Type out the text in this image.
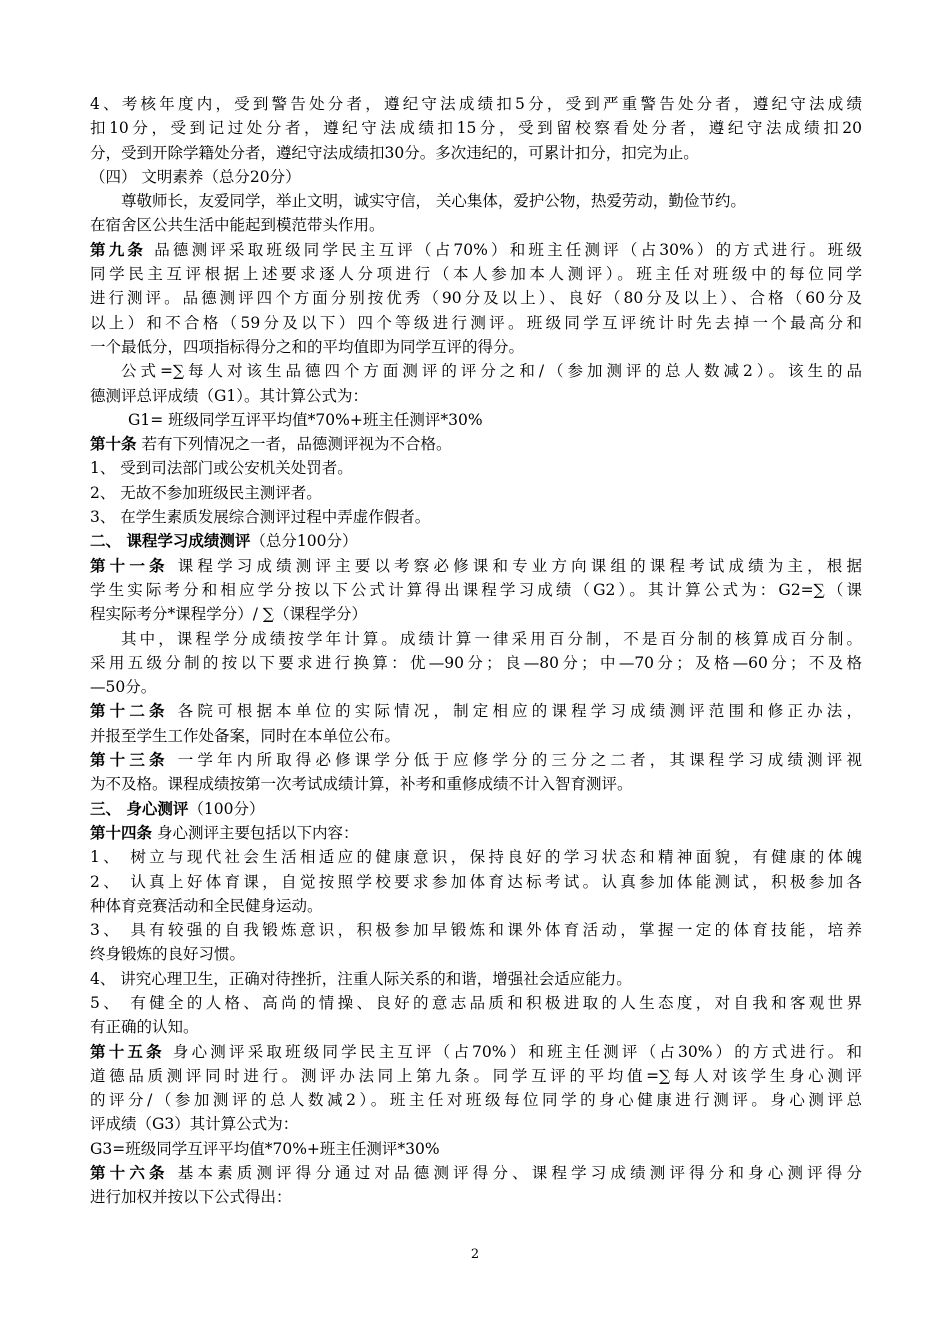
4、考核年度内，受到警告处分者，遵纪守法成绩扣5分，受到严重警告处分者，遵纪守法成绩
扣10分，受到记过处分者，遵纪守法成绩扣15分，受到留校察看处分者，遵纪守法成绩扣20
分，受到开除学籍处分者，遵纪守法成绩扣30分。多次违纪的，可累计扣分，扣完为止。
（四） 文明素养（总分20分）
尊敬师长，友爱同学，举止文明，诚实守信， 关心集体，爱护公物，热爱劳动，勤俭节约。
在宿舍区公共生活中能起到模范带头作用。
第九条 品德测评采取班级同学民主互评（占70%）和班主任测评（占30%）的方式进行。班级
同学民主互评根据上述要求逐人分项进行（本人参加本人测评）。班主任对班级中的每位同学
进行测评。品德测评四个方面分别按优秀（90分及以上）、良好（80分及以上）、合格（60分及
以上）和不合格（59分及以下）四个等级进行测评。班级同学互评统计时先去掉一个最高分和
一个最低分，四项指标得分之和的平均值即为同学互评的得分。
公式=∑每人对该生品德四个方面测评的评分之和/（参加测评的总人数减2）。该生的品
德测评总评成绩（G1）。其计算公式为：
G1= 班级同学互评平均值*70%+班主任测评*30%
第十条 若有下列情况之一者，品德测评视为不合格。
1、 受到司法部门或公安机关处罚者。
2、 无故不参加班级民主测评者。
3、 在学生素质发展综合测评过程中弄虚作假者。
二、 课程学习成绩测评（总分100分）
第十一条 课程学习成绩测评主要以考察必修课和专业方向课组的课程考试成绩为主，根据
学生实际考分和相应学分按以下公式计算得出课程学习成绩（G2）。其计算公式为：G2=∑（课
程实际考分*课程学分）/ ∑（课程学分）
其中，课程学分成绩按学年计算。成绩计算一律采用百分制，不是百分制的核算成百分制。
采用五级分制的按以下要求进行换算：优—90分；良—80分；中—70分；及格—60分；不及格
—50分。
第十二条 各院可根据本单位的实际情况，制定相应的课程学习成绩测评范围和修正办法，
并报至学生工作处备案，同时在本单位公布。
第十三条 一学年内所取得必修课学分低于应修学分的三分之二者，其课程学习成绩测评视
为不及格。课程成绩按第一次考试成绩计算，补考和重修成绩不计入智育测评。
三、 身心测评（100分）
第十四条 身心测评主要包括以下内容：
1、 树立与现代社会生活相适应的健康意识，保持良好的学习状态和精神面貌，有健康的体魄
2、 认真上好体育课，自觉按照学校要求参加体育达标考试。认真参加体能测试，积极参加各
种体育竞赛活动和全民健身运动。
3、 具有较强的自我锻炼意识，积极参加早锻炼和课外体育活动，掌握一定的体育技能，培养
终身锻炼的良好习惯。
4、 讲究心理卫生，正确对待挫折，注重人际关系的和谐，增强社会适应能力。
5、 有健全的人格、高尚的情操、良好的意志品质和积极进取的人生态度，对自我和客观世界
有正确的认知。
第十五条 身心测评采取班级同学民主互评（占70%）和班主任测评（占30%）的方式进行。和
道德品质测评同时进行。测评办法同上第九条。同学互评的平均值=∑每人对该学生身心测评
的评分/（参加测评的总人数减2）。班主任对班级每位同学的身心健康进行测评。身心测评总
评成绩（G3）其计算公式为：
G3=班级同学互评平均值*70%+班主任测评*30%
第十六条 基本素质测评得分通过对品德测评得分、课程学习成绩测评得分和身心测评得分
进行加权并按以下公式得出：
2
